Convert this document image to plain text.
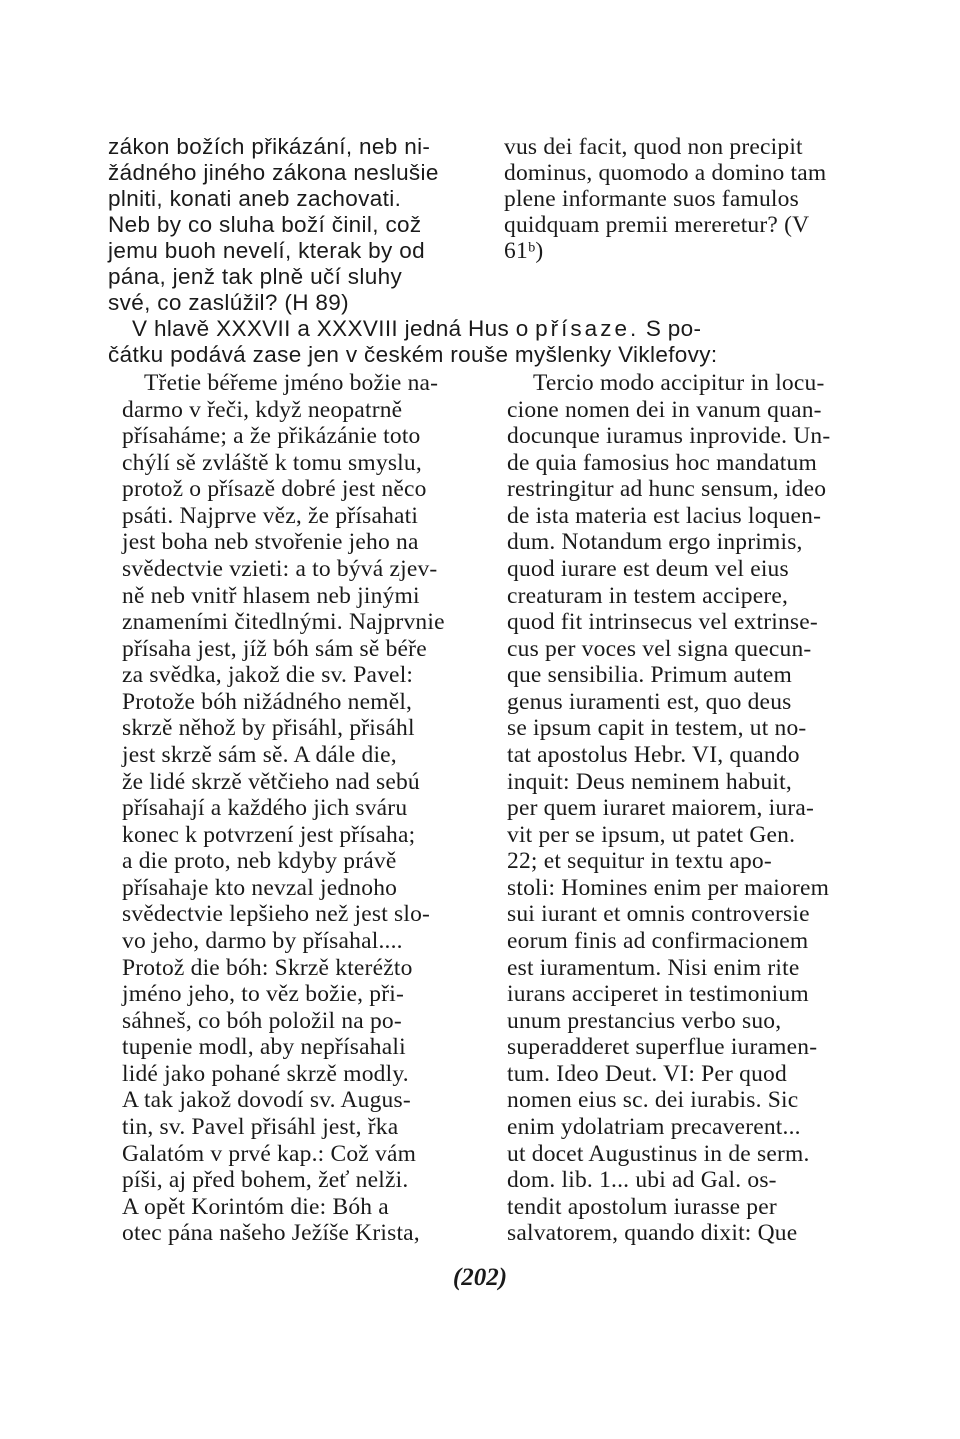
zákon božích přikázání, neb ni-
žádného jiného zákona neslušie
plniti, konati aneb zachovati.
Neb by co sluha boží činil, což
jemu buoh nevelí, kterak by od
pána, jenž tak plně učí sluhy
své, co zaslúžil? (H 89)
vus dei facit, quod non precipit
dominus, quomodo a domino tam
plene informante suos famulos
quidquam premii mereretur? (V
61ᵇ)
V hlavě XXXVII a XXXVIII jedná Hus o přísaze. S po-
čátku podává zase jen v českém rouše myšlenky Viklefovy:
Třetie béřeme jméno božie na-
darmo v řeči, když neopatrně
přísaháme; a že přikázánie toto
chýlí sě zvláště k tomu smyslu,
protož o přísazě dobré jest něco
psáti. Najprve věz, že přísahati
jest boha neb stvořenie jeho na
svědectvie vzieti: a to bývá zjev-
ně neb vnitř hlasem neb jinými
znameními čitedlnými. Najprvnie
přísaha jest, jíž bóh sám sě béře
za svědka, jakož die sv. Pavel:
Protože bóh nižádného neměl,
skrzě něhož by přisáhl, přisáhl
jest skrzě sám sě. A dále die,
že lidé skrzě větčieho nad sebú
přísahají a každého jich sváru
konec k potvrzení jest přísaha;
a die proto, neb kdyby právě
přísahaje kto nevzal jednoho
svědectvie lepšieho než jest slo-
vo jeho, darmo by přísahal....
Protož die bóh: Skrzě kteréžto
jméno jeho, to věz božie, při-
sáhneš, co bóh položil na po-
tupenie modl, aby nepřísahali
lidé jako pohané skrzě modly.
A tak jakož dovodí sv. Augus-
tin, sv. Pavel přisáhl jest, řka
Galatóm v prvé kap.: Což vám
píši, aj před bohem, žeť nelži.
A opět Korintóm die: Bóh a
otec pána našeho Ježíše Krista,
Tercio modo accipitur in locu-
cione nomen dei in vanum quan-
docunque iuramus inprovide. Un-
de quia famosius hoc mandatum
restringitur ad hunc sensum, ideo
de ista materia est lacius loquen-
dum. Notandum ergo inprimis,
quod iurare est deum vel eius
creaturam in testem accipere,
quod fit intrinsecus vel extrinse-
cus per voces vel signa quecun-
que sensibilia. Primum autem
genus iuramenti est, quo deus
se ipsum capit in testem, ut no-
tat apostolus Hebr. VI, quando
inquit: Deus neminem habuit,
per quem iuraret maiorem, iura-
vit per se ipsum, ut patet Gen.
22; et sequitur in textu apo-
stoli: Homines enim per maiorem
sui iurant et omnis controversie
eorum finis ad confirmacionem
est iuramentum. Nisi enim rite
iurans acciperet in testimonium
unum prestancius verbo suo,
superadderet superflue iuramen-
tum. Ideo Deut. VI: Per quod
nomen eius sc. dei iurabis. Sic
enim ydolatriam precaverent...
ut docet Augustinus in de serm.
dom. lib. 1... ubi ad Gal. os-
tendit apostolum iurasse per
salvatorem, quando dixit: Que
(202)
